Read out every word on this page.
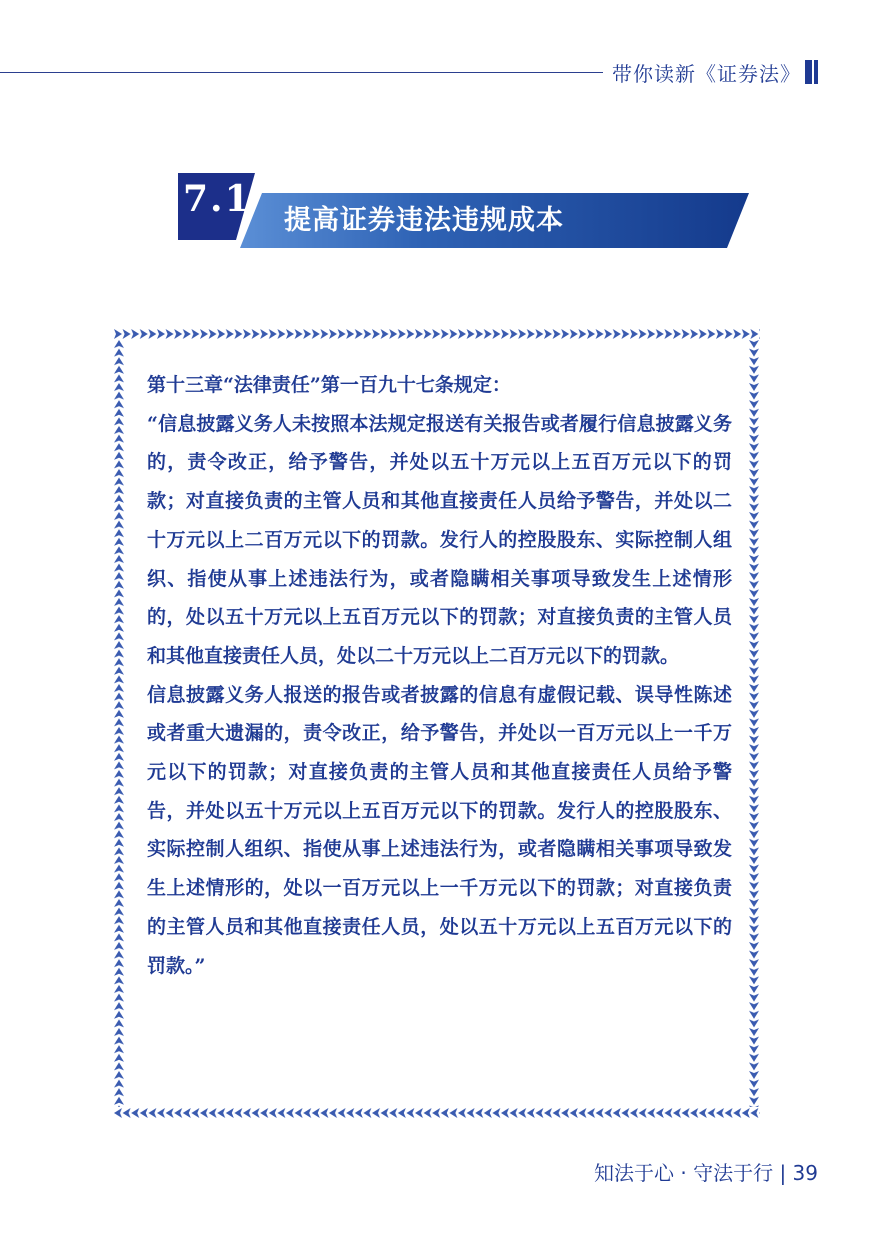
带你读新《证券法》
7.1
提高证券违法违规成本

第十三章“法律责任”第一百九十七条规定：

“信息披露义务人未按照本法规定报送有关报告或者履行信息披露义务的，责令改正，给予警告，并处以五十万元以上五百万元以下的罚款；对直接负责的主管人员和其他直接责任人员给予警告，并处以二十万元以上二百万元以下的罚款。发行人的控股股东、实际控制人组织、指使从事上述违法行为，或者隐瞒相关事项导致发生上述情形的，处以五十万元以上五百万元以下的罚款；对直接负责的主管人员和其他直接责任人员，处以二十万元以上二百万元以下的罚款。

信息披露义务人报送的报告或者披露的信息有虚假记载、误导性陈述或者重大遗漏的，责令改正，给予警告，并处以一百万元以上一千万元以下的罚款；对直接负责的主管人员和其他直接责任人员给予警告，并处以五十万元以上五百万元以下的罚款。发行人的控股股东、实际控制人组织、指使从事上述违法行为，或者隐瞒相关事项导致发生上述情形的，处以一百万元以上一千万元以下的罚款；对直接负责的主管人员和其他直接责任人员，处以五十万元以上五百万元以下的罚款。”

知法于心 · 守法于行 | 39
